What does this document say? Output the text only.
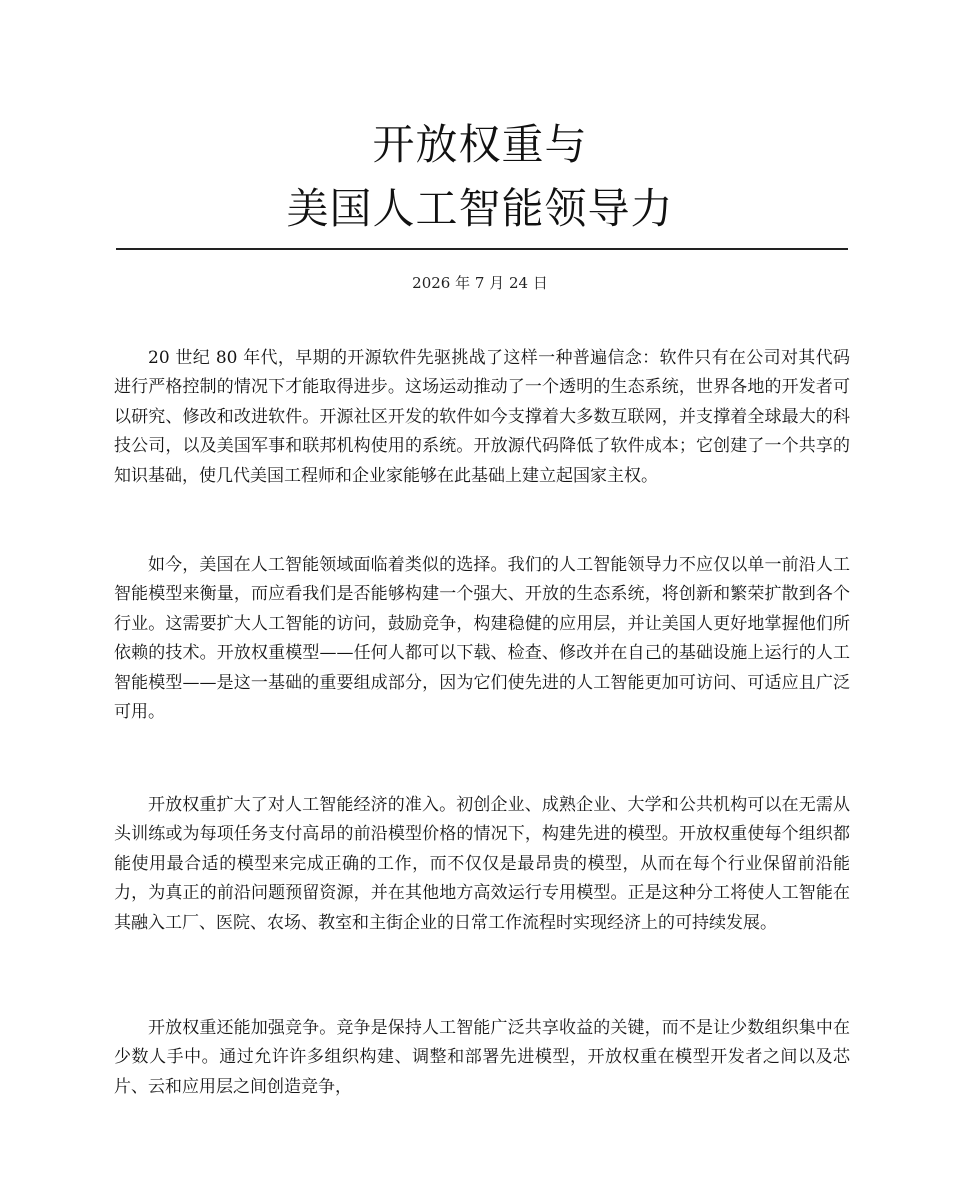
开放权重与
美国人工智能领导力
2026 年 7 月 24 日

20 世纪 80 年代，早期的开源软件先驱挑战了这样一种普遍信念：软件只有在公司对其代码进行严格控制的情况下才能取得进步。这场运动推动了一个透明的生态系统，世界各地的开发者可以研究、修改和改进软件。开源社区开发的软件如今支撑着大多数互联网，并支撑着全球最大的科技公司，以及美国军事和联邦机构使用的系统。开放源代码降低了软件成本；它创建了一个共享的知识基础，使几代美国工程师和企业家能够在此基础上建立起国家主权。

如今，美国在人工智能领域面临着类似的选择。我们的人工智能领导力不应仅以单一前沿人工智能模型来衡量，而应看我们是否能够构建一个强大、开放的生态系统，将创新和繁荣扩散到各个行业。这需要扩大人工智能的访问，鼓励竞争，构建稳健的应用层，并让美国人更好地掌握他们所依赖的技术。开放权重模型——任何人都可以下载、检查、修改并在自己的基础设施上运行的人工智能模型——是这一基础的重要组成部分，因为它们使先进的人工智能更加可访问、可适应且广泛可用。

开放权重扩大了对人工智能经济的准入。初创企业、成熟企业、大学和公共机构可以在无需从头训练或为每项任务支付高昂的前沿模型价格的情况下，构建先进的模型。开放权重使每个组织都能使用最合适的模型来完成正确的工作，而不仅仅是最昂贵的模型，从而在每个行业保留前沿能力，为真正的前沿问题预留资源，并在其他地方高效运行专用模型。正是这种分工将使人工智能在其融入工厂、医院、农场、教室和主街企业的日常工作流程时实现经济上的可持续发展。

开放权重还能加强竞争。竞争是保持人工智能广泛共享收益的关键，而不是让少数组织集中在少数人手中。通过允许许多组织构建、调整和部署先进模型，开放权重在模型开发者之间以及芯片、云和应用层之间创造竞争，
